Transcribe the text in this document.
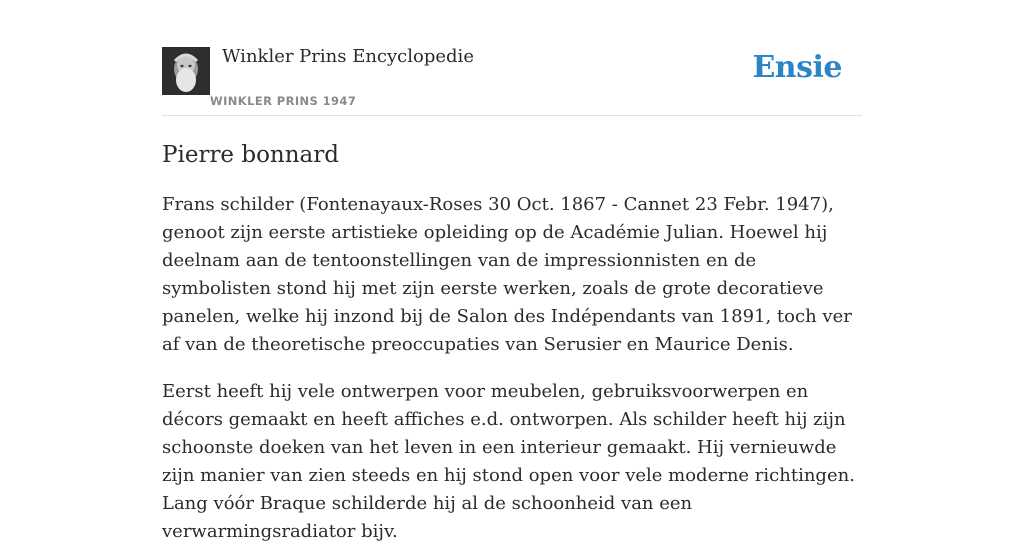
Winkler Prins Encyclopedie
WINKLER PRINS 1947
Ensie
Pierre bonnard

Frans schilder (Fontenayaux-Roses 30 Oct. 1867 - Cannet 23 Febr. 1947), genoot zijn eerste artistieke opleiding op de Académie Julian. Hoewel hij deelnam aan de tentoonstellingen van de impressionnisten en de symbolisten stond hij met zijn eerste werken, zoals de grote decoratieve panelen, welke hij inzond bij de Salon des Indépendants van 1891, toch ver af van de theoretische preoccupaties van Serusier en Maurice Denis.

Eerst heeft hij vele ontwerpen voor meubelen, gebruiksvoorwerpen en décors gemaakt en heeft affiches e.d. ontworpen. Als schilder heeft hij zijn schoonste doeken van het leven in een interieur gemaakt. Hij vernieuwde zijn manier van zien steeds en hij stond open voor vele moderne richtingen. Lang vóór Braque schilderde hij al de schoonheid van een verwarmingsradiator bijv.
